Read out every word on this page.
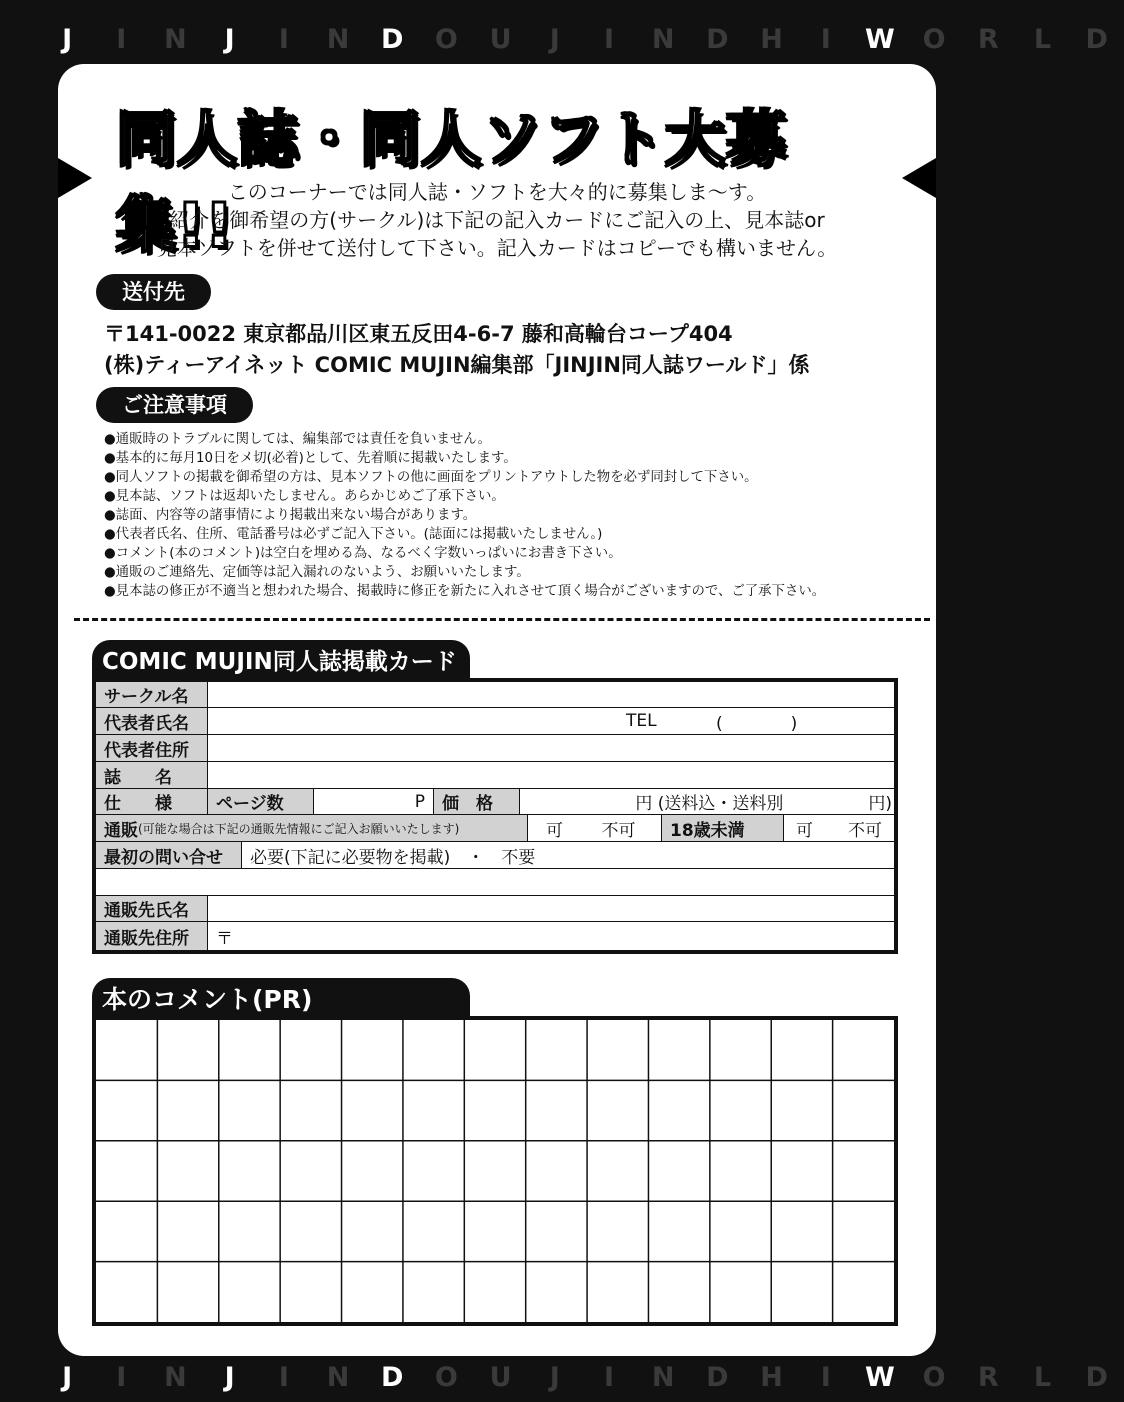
J	I	N	J	I	N	D	O	U	J	I	N	D	H	I	W	O	R	L	D
J	I	N	J	I	N	D	O	U	J	I	N	D	H	I	W	O	R	L	D
同人誌・同人ソフト大募集!!
このコーナーでは同人誌・ソフトを大々的に募集しま〜す。
紹介を御希望の方(サークル)は下記の記入カードにご記入の上、見本誌or
見本ソフトを併せて送付して下さい。記入カードはコピーでも構いません。
送付先
〒141-0022 東京都品川区東五反田4-6-7 藤和高輪台コープ404
(株)ティーアイネット COMIC MUJIN編集部「JINJIN同人誌ワールド」係
ご注意事項
●通販時のトラブルに関しては、編集部では責任を負いません。
●基本的に毎月10日をメ切(必着)として、先着順に掲載いたします。
●同人ソフトの掲載を御希望の方は、見本ソフトの他に画面をプリントアウトした物を必ず同封して下さい。
●見本誌、ソフトは返却いたしません。あらかじめご了承下さい。
●誌面、内容等の諸事情により掲載出来ない場合があります。
●代表者氏名、住所、電話番号は必ずご記入下さい。(誌面には掲載いたしません。)
●コメント(本のコメント)は空白を埋める為、なるべく字数いっぱいにお書き下さい。
●通販のご連絡先、定価等は記入漏れのないよう、お願いいたします。
●見本誌の修正が不適当と想われた場合、掲載時に修正を新たに入れさせて頂く場合がございますので、ご了承下さい。
COMIC MUJIN同人誌掲載カード
サークル名
代表者氏名	TEL	(　　　　)
代表者住所
誌　　名
仕　　様	ページ数	P	価　格	円 (送料込・送料別　　　　　円)
通販 (可能な場合は下記の通販先情報にご記入お願いいたします)	可	不可	18歳未満	可	不可
最初の問い合せ	必要(下記に必要物を掲載)　・　不要
通販先氏名
通販先住所	〒
本のコメント(PR)
